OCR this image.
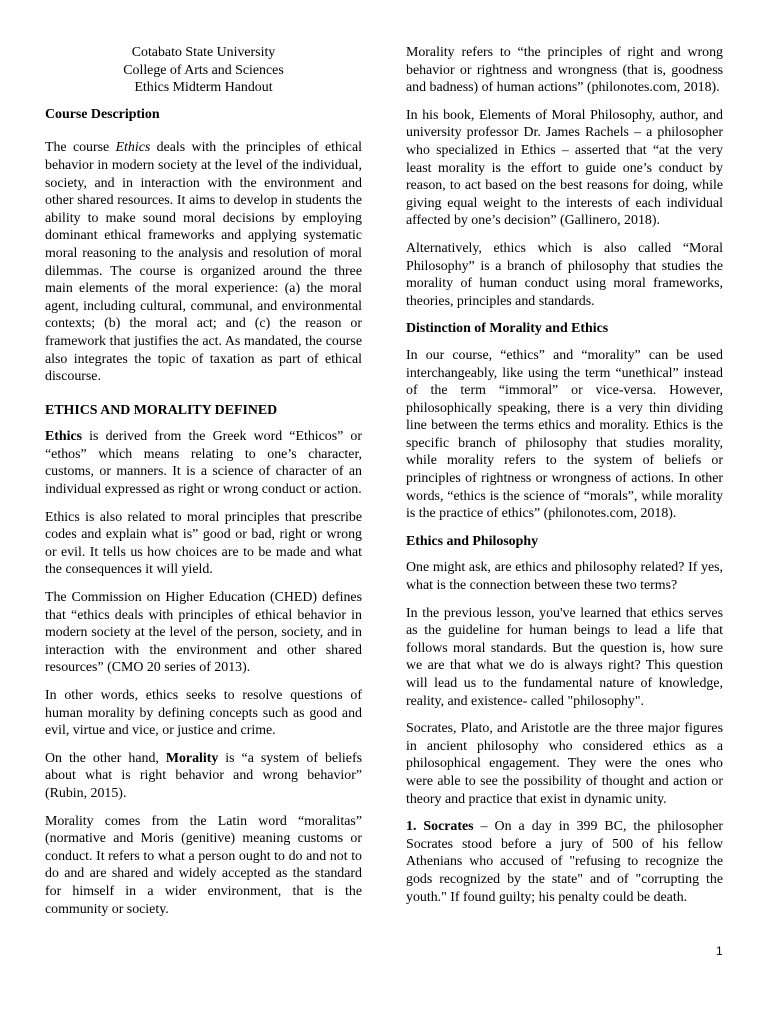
Cotabato State University
College of Arts and Sciences
Ethics Midterm Handout

Course Description

The course Ethics deals with the principles of ethical behavior in modern society at the level of the individual, society, and in interaction with the environment and other shared resources. It aims to develop in students the ability to make sound moral decisions by employing dominant ethical frameworks and applying systematic moral reasoning to the analysis and resolution of moral dilemmas. The course is organized around the three main elements of the moral experience: (a) the moral agent, including cultural, communal, and environmental contexts; (b) the moral act; and (c) the reason or framework that justifies the act. As mandated, the course also integrates the topic of taxation as part of ethical discourse.

ETHICS AND MORALITY DEFINED

Ethics is derived from the Greek word “Ethicos” or “ethos” which means relating to one’s character, customs, or manners. It is a science of character of an individual expressed as right or wrong conduct or action.

Ethics is also related to moral principles that prescribe codes and explain what is” good or bad, right or wrong or evil. It tells us how choices are to be made and what the consequences it will yield.

The Commission on Higher Education (CHED) defines that “ethics deals with principles of ethical behavior in modern society at the level of the person, society, and in interaction with the environment and other shared resources” (CMO 20 series of 2013).

In other words, ethics seeks to resolve questions of human morality by defining concepts such as good and evil, virtue and vice, or justice and crime.

On the other hand, Morality is “a system of beliefs about what is right behavior and wrong behavior” (Rubin, 2015).

Morality comes from the Latin word “moralitas” (normative and Moris (genitive) meaning customs or conduct. It refers to what a person ought to do and not to do and are shared and widely accepted as the standard for himself in a wider environment, that is the community or society.

Morality refers to “the principles of right and wrong behavior or rightness and wrongness (that is, goodness and badness) of human actions” (philonotes.com, 2018).

In his book, Elements of Moral Philosophy, author, and university professor Dr. James Rachels – a philosopher who specialized in Ethics – asserted that “at the very least morality is the effort to guide one’s conduct by reason, to act based on the best reasons for doing, while giving equal weight to the interests of each individual affected by one’s decision” (Gallinero, 2018).

Alternatively, ethics which is also called “Moral Philosophy” is a branch of philosophy that studies the morality of human conduct using moral frameworks, theories, principles and standards.

Distinction of Morality and Ethics

In our course, “ethics” and “morality” can be used interchangeably, like using the term “unethical” instead of the term “immoral” or vice-versa. However, philosophically speaking, there is a very thin dividing line between the terms ethics and morality. Ethics is the specific branch of philosophy that studies morality, while morality refers to the system of beliefs or principles of rightness or wrongness of actions. In other words, “ethics is the science of “morals”, while morality is the practice of ethics” (philonotes.com, 2018).

Ethics and Philosophy

One might ask, are ethics and philosophy related? If yes, what is the connection between these two terms?

In the previous lesson, you've learned that ethics serves as the guideline for human beings to lead a life that follows moral standards. But the question is, how sure we are that what we do is always right? This question will lead us to the fundamental nature of knowledge, reality, and existence- called "philosophy".

Socrates, Plato, and Aristotle are the three major figures in ancient philosophy who considered ethics as a philosophical engagement. They were the ones who were able to see the possibility of thought and action or theory and practice that exist in dynamic unity.

1. Socrates – On a day in 399 BC, the philosopher Socrates stood before a jury of 500 of his fellow Athenians who accused of "refusing to recognize the gods recognized by the state" and of "corrupting the youth." If found guilty; his penalty could be death.

1
